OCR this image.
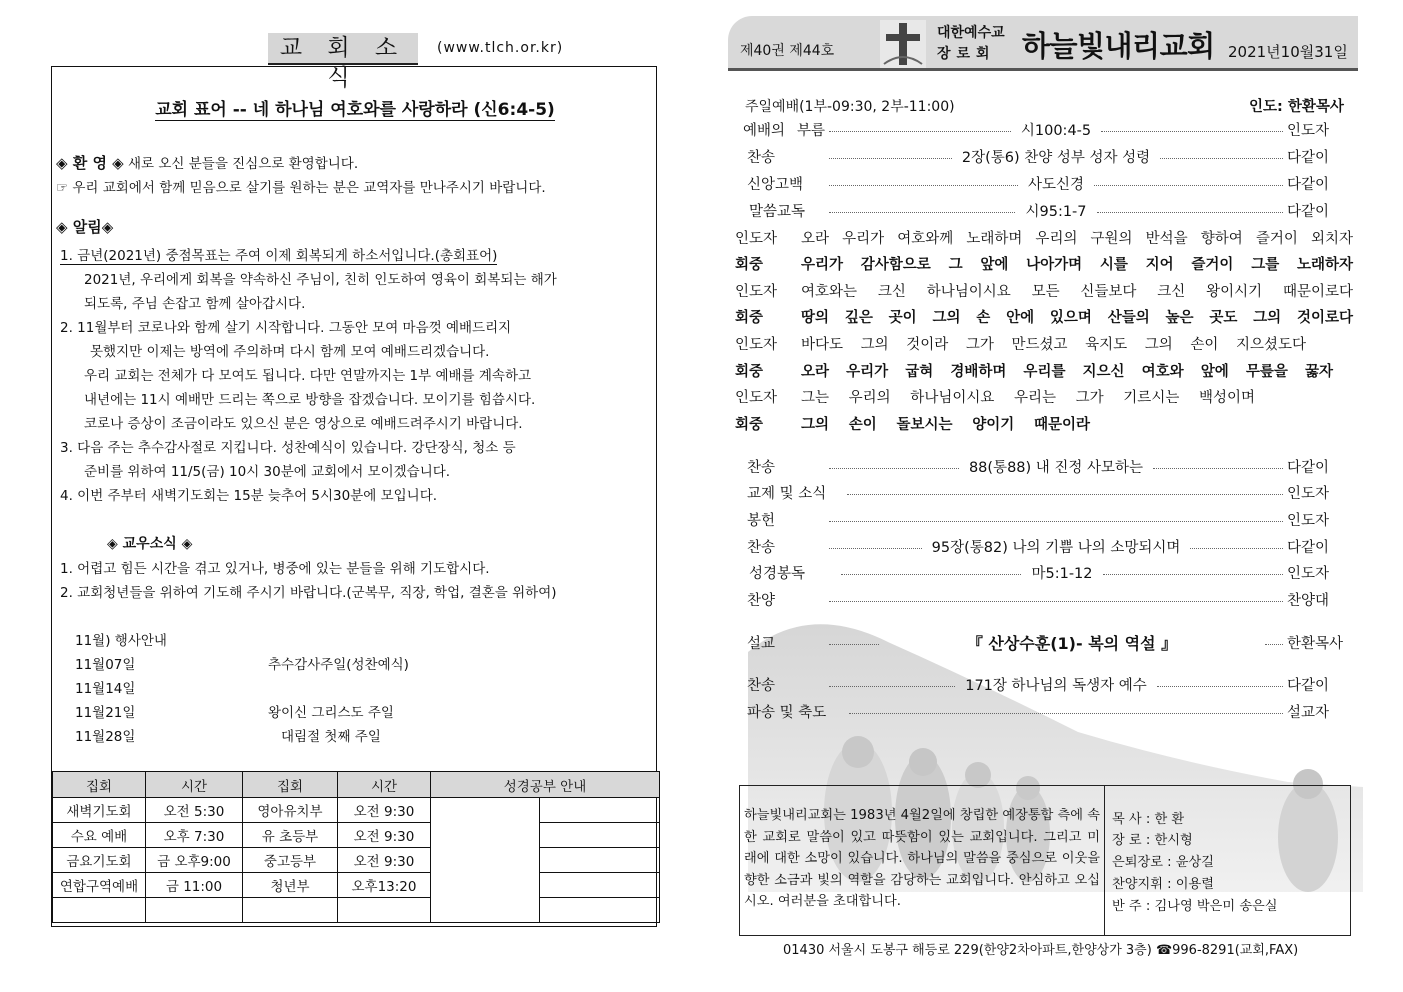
교 회 소 식
(www.tlch.or.kr)
교회 표어 -- 네 하나님 여호와를 사랑하라 (신6:4-5)
◈ 환 영 ◈ 새로 오신 분들을 진심으로 환영합니다.
☞ 우리 교회에서 함께 믿음으로 살기를 원하는 분은 교역자를 만나주시기 바랍니다.
◈ 알림◈
1. 금년(2021년) 중점목표는 주여 이제 회복되게 하소서입니다.(총회표어)
2021년, 우리에게 회복을 약속하신 주님이, 친히 인도하여 영육이 회복되는 해가
되도록, 주님 손잡고 함께 살아갑시다.
2. 11월부터 코로나와 함께 살기 시작합니다. 그동안 모여 마음껏 예배드리지
못했지만 이제는 방역에 주의하며 다시 함께 모여 예배드리겠습니다.
우리 교회는 전체가 다 모여도 됩니다. 다만 연말까지는 1부 예배를 계속하고
내년에는 11시 예배만 드리는 쪽으로 방향을 잡겠습니다. 모이기를 힘씁시다.
코로나 증상이 조금이라도 있으신 분은 영상으로 예배드려주시기 바랍니다.
3. 다음 주는 추수감사절로 지킵니다. 성찬예식이 있습니다. 강단장식, 청소 등
준비를 위하여 11/5(금) 10시 30분에 교회에서 모이겠습니다.
4. 이번 주부터 새벽기도회는 15분 늦추어 5시30분에 모입니다.
◈ 교우소식 ◈
1. 어렵고 힘든 시간을 겪고 있거나, 병중에 있는 분들을 위해 기도합시다.
2. 교회청년들을 위하여 기도해 주시기 바랍니다.(군복무, 직장, 학업, 결혼을 위하여)
11월) 행사안내
11월07일	추수감사주일(성찬예식)
11월14일
11월21일	왕이신 그리스도 주일
11월28일	대림절 첫째 주일
집회	시간	집회	시간	성경공부 안내	
새벽기도회	오전 5:30	영아유치부	오전 9:30		
수요 예배	오후 7:30	유 초등부	오전 9:30		
금요기도회	금 오후9:00	중고등부	오전 9:30		
연합구역예배	금 11:00	청년부	오후13:20		

제40권 제44호
대한예수교
장로회 하늘빛내리교회 2021년10월31일
주일예배(1부-09:30, 2부-11:00)	인도: 한환목사
예배의 부름	시100:4-5	인도자
찬송	2장(통6) 찬양 성부 성자 성령	다같이
신앙고백	사도신경	다같이
말씀교독	시95:1-7	다같이
인도자	오라 우리가 여호와께 노래하며 우리의 구원의 반석을 향하여 즐거이 외치자
회중	우리가 감사함으로 그 앞에 나아가며 시를 지어 즐거이 그를 노래하자
인도자	여호와는 크신 하나님이시요 모든 신들보다 크신 왕이시기 때문이로다
회중	땅의 깊은 곳이 그의 손 안에 있으며 산들의 높은 곳도 그의 것이로다
인도자	바다도 그의 것이라 그가 만드셨고 육지도 그의 손이 지으셨도다
회중	오라 우리가 굽혀 경배하며 우리를 지으신 여호와 앞에 무릎을 꿇자
인도자	그는 우리의 하나님이시요 우리는 그가 기르시는 백성이며
회중	그의 손이 돌보시는 양이기 때문이라
찬송	88(통88) 내 진정 사모하는	다같이
교제 및 소식	인도자
봉헌	인도자
찬송	95장(통82) 나의 기쁨 나의 소망되시며	다같이
성경봉독	마5:1-12	인도자
찬양	찬양대
설교	『 산상수훈(1)- 복의 역설 』	한환목사
찬송	171장 하나님의 독생자 예수	다같이
파송 및 축도	설교자
하늘빛내리교회는 1983년 4월2일에 창립한 예장통합 측에 속한 교회로 말씀이 있고 따뜻함이 있는 교회입니다. 그리고 미래에 대한 소망이 있습니다. 하나님의 말씀을 중심으로 이웃을 향한 소금과 빛의 역할을 감당하는 교회입니다. 안심하고 오십시오. 여러분을 초대합니다.
목 사 : 한 환
장 로 : 한시형
은퇴장로 : 윤상길
찬양지휘 : 이용렬
반 주 : 김나영 박은미 송은실
01430 서울시 도봉구 해등로 229(한양2차아파트,한양상가 3층) ☎996-8291(교회,FAX)
